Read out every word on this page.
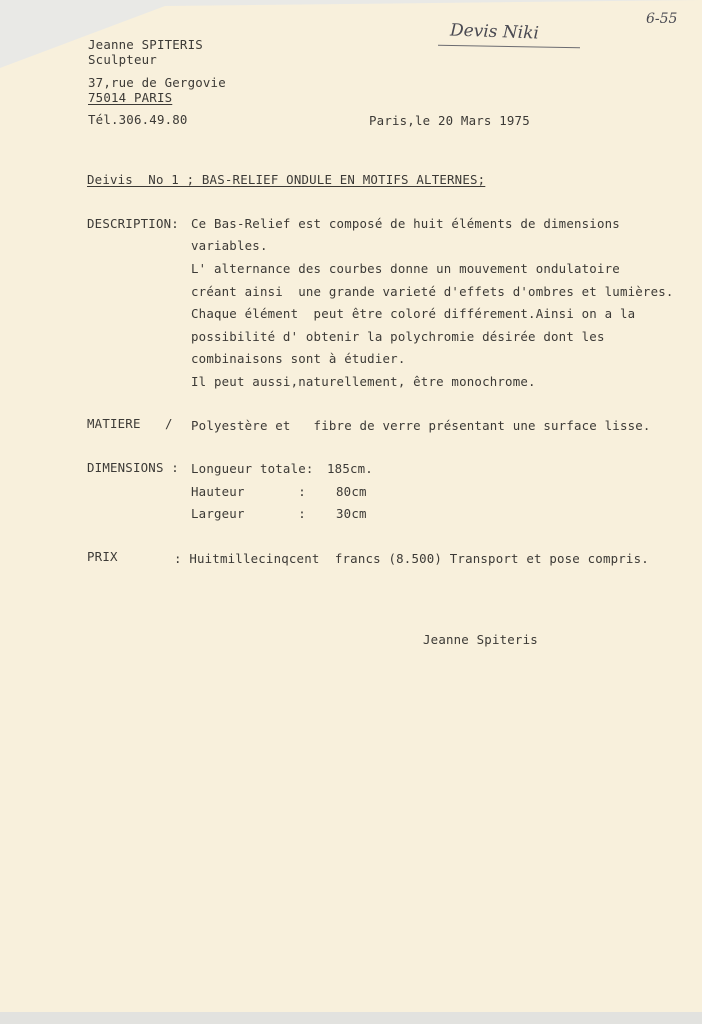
Devis Niki
6-55
Jeanne SPITERIS
Sculpteur
37,rue de Gergovie
75014 PARIS
Tél.306.49.80	Paris,le 20 Mars 1975
Deivis  No 1 ; BAS-RELIEF ONDULE EN MOTIFS ALTERNES;
DESCRIPTION: Ce Bas-Relief est composé de huit éléments de dimensions
variables.
L' alternance des courbes donne un mouvement ondulatoire
créant ainsi  une grande varieté d'effets d'ombres et lumières.
Chaque élément  peut être coloré différement.Ainsi on a la
possibilité d' obtenir la polychromie désirée dont les
combinaisons sont à étudier.
Il peut aussi,naturellement, être monochrome.
MATIERE / Polyestère et   fibre de verre présentant une surface lisse.
DIMENSIONS : Longueur totale: 185cm.
Hauteur       : 80cm
Largeur       : 30cm
PRIX	: Huitmillecinqcent  francs (8.500) Transport et pose compris.
Jeanne Spiteris
